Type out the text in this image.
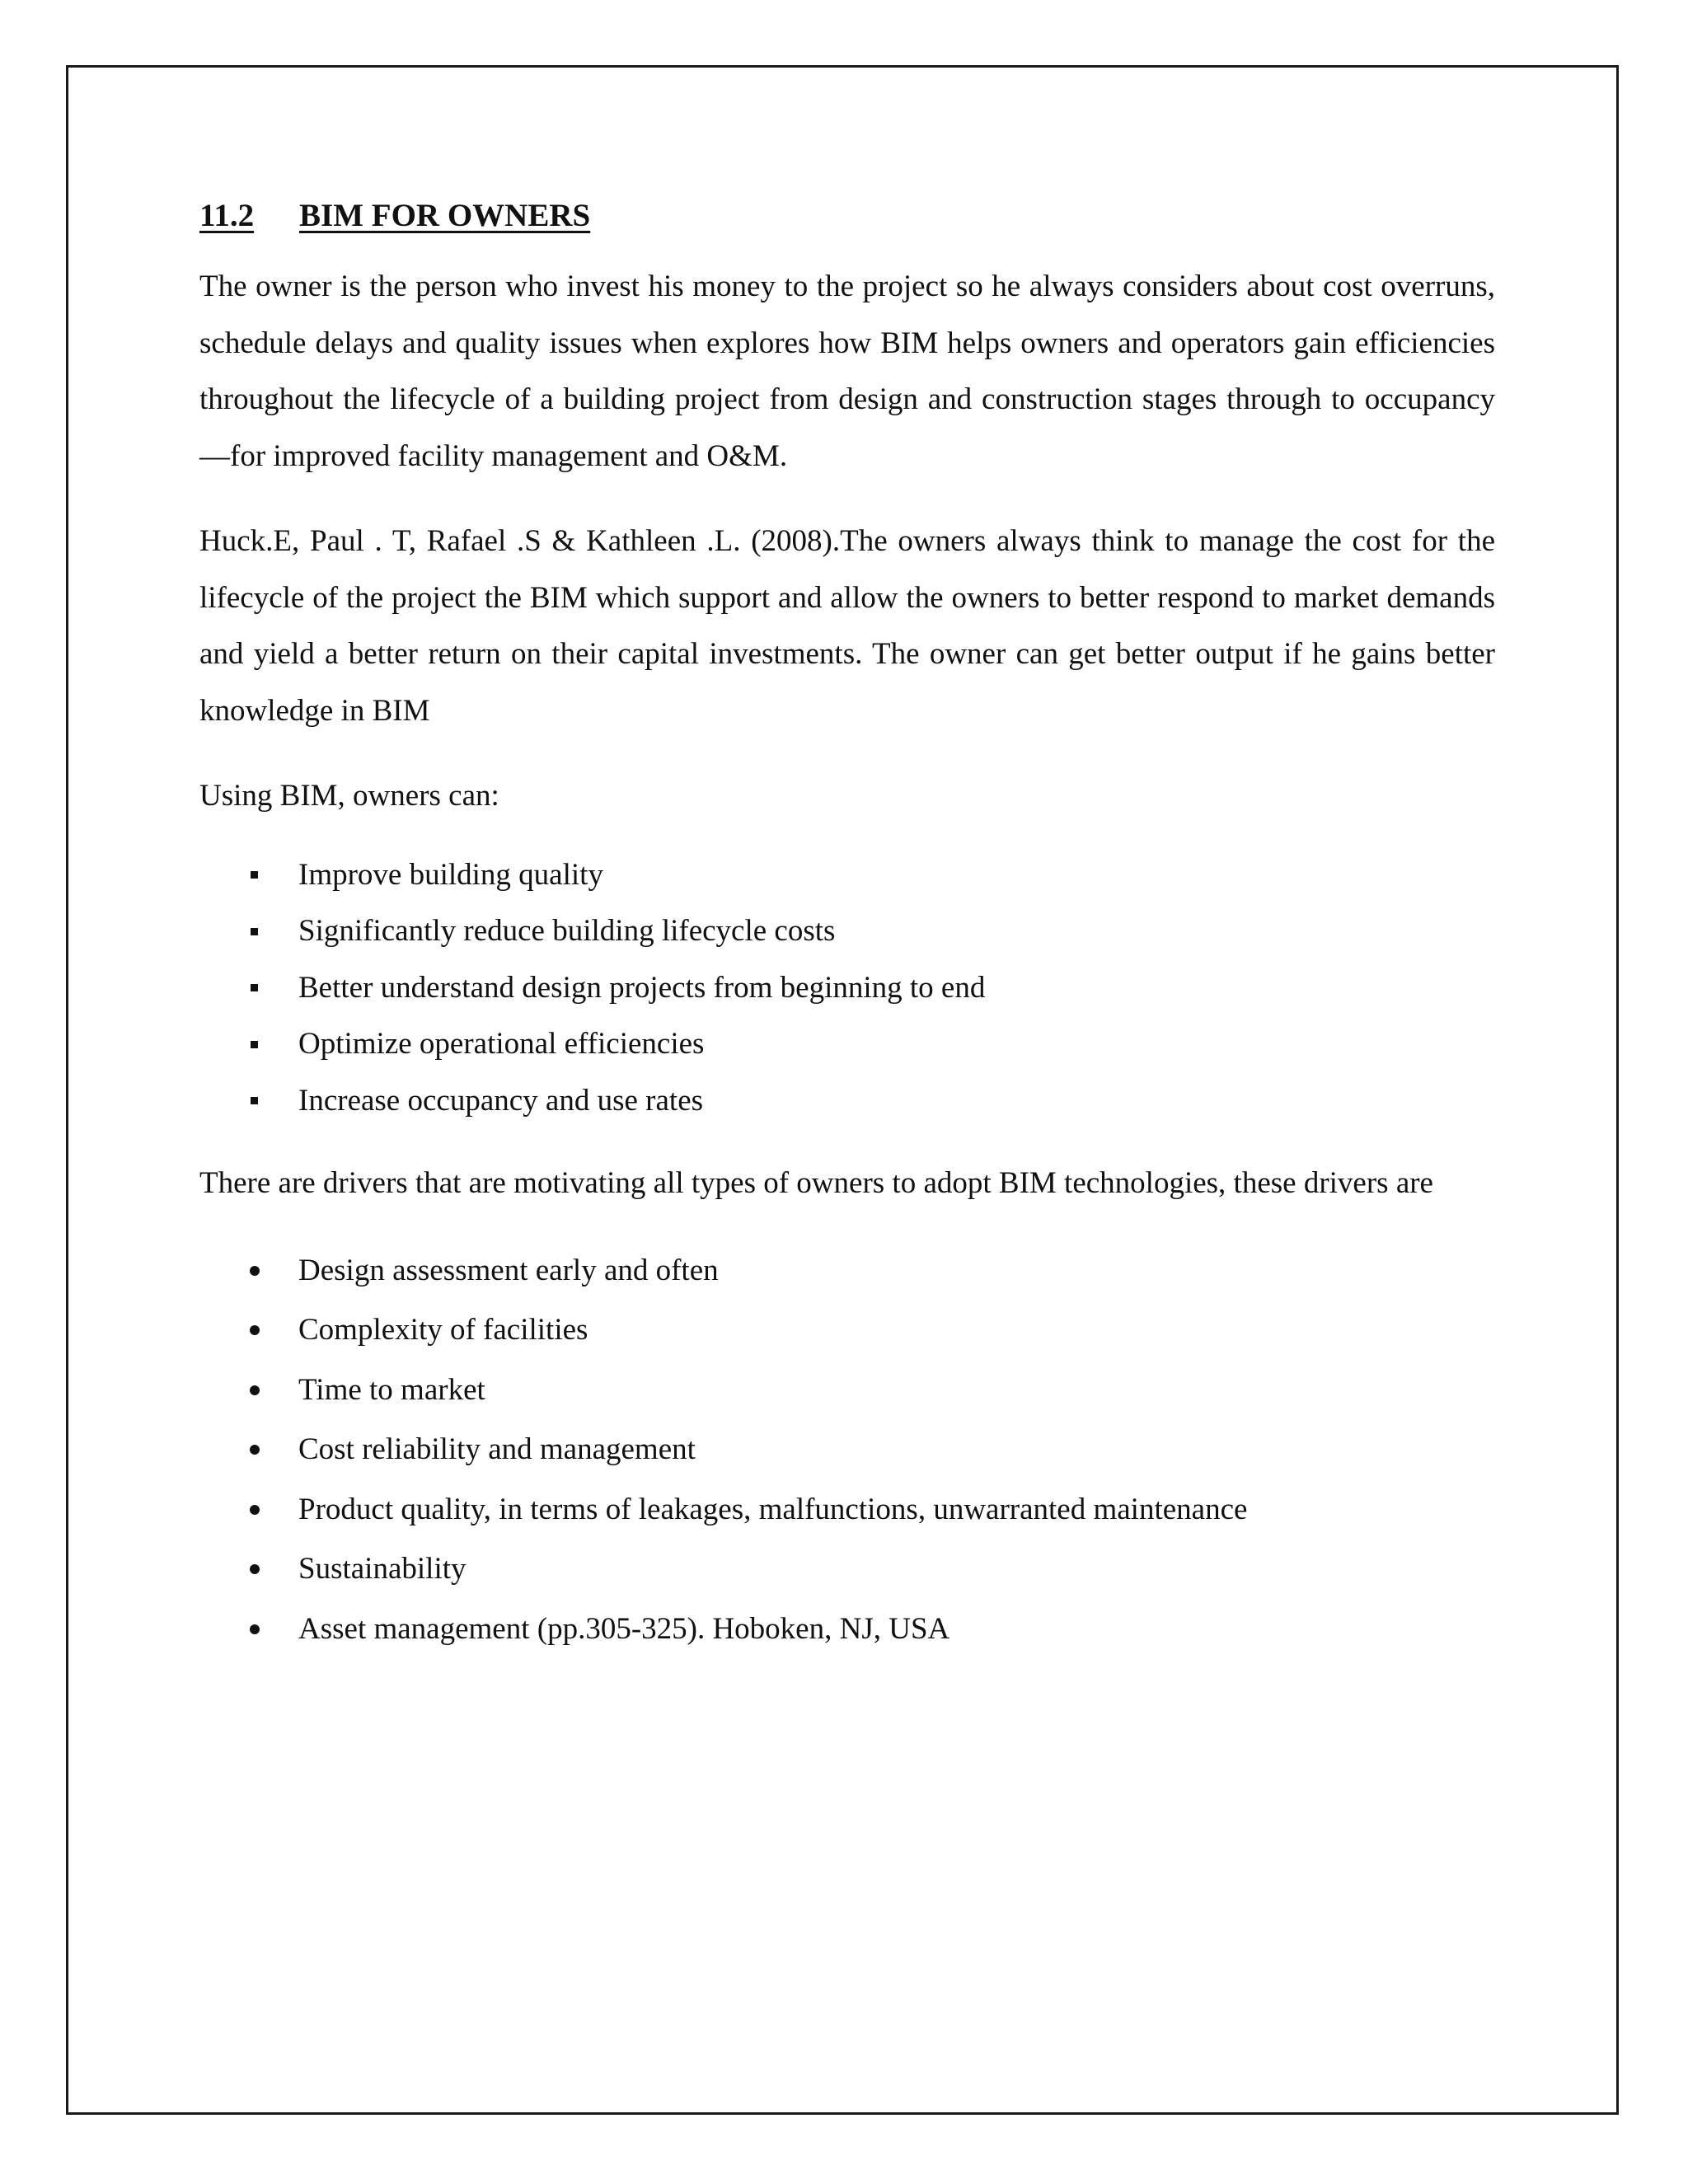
11.2	BIM FOR OWNERS

The owner is the person who invest his money to the project so he always considers about cost overruns, schedule delays and quality issues when explores how BIM helps owners and operators gain efficiencies throughout the lifecycle of a building project from design and construction stages through to occupancy—for improved facility management and O&M.

Huck.E, Paul . T, Rafael .S & Kathleen .L. (2008).The owners always think to manage the cost for the lifecycle of the project the BIM which support and allow the owners to better respond to market demands and yield a better return on their capital investments. The owner can get better output if he gains better knowledge in BIM

Using BIM, owners can:

Improve building quality
Significantly reduce building lifecycle costs
Better understand design projects from beginning to end
Optimize operational efficiencies
Increase occupancy and use rates

There are drivers that are motivating all types of owners to adopt BIM technologies, these drivers are

Design assessment early and often
Complexity of facilities
Time to market
Cost reliability and management
Product quality, in terms of leakages, malfunctions, unwarranted maintenance
Sustainability
Asset management (pp.305-325). Hoboken, NJ, USA
